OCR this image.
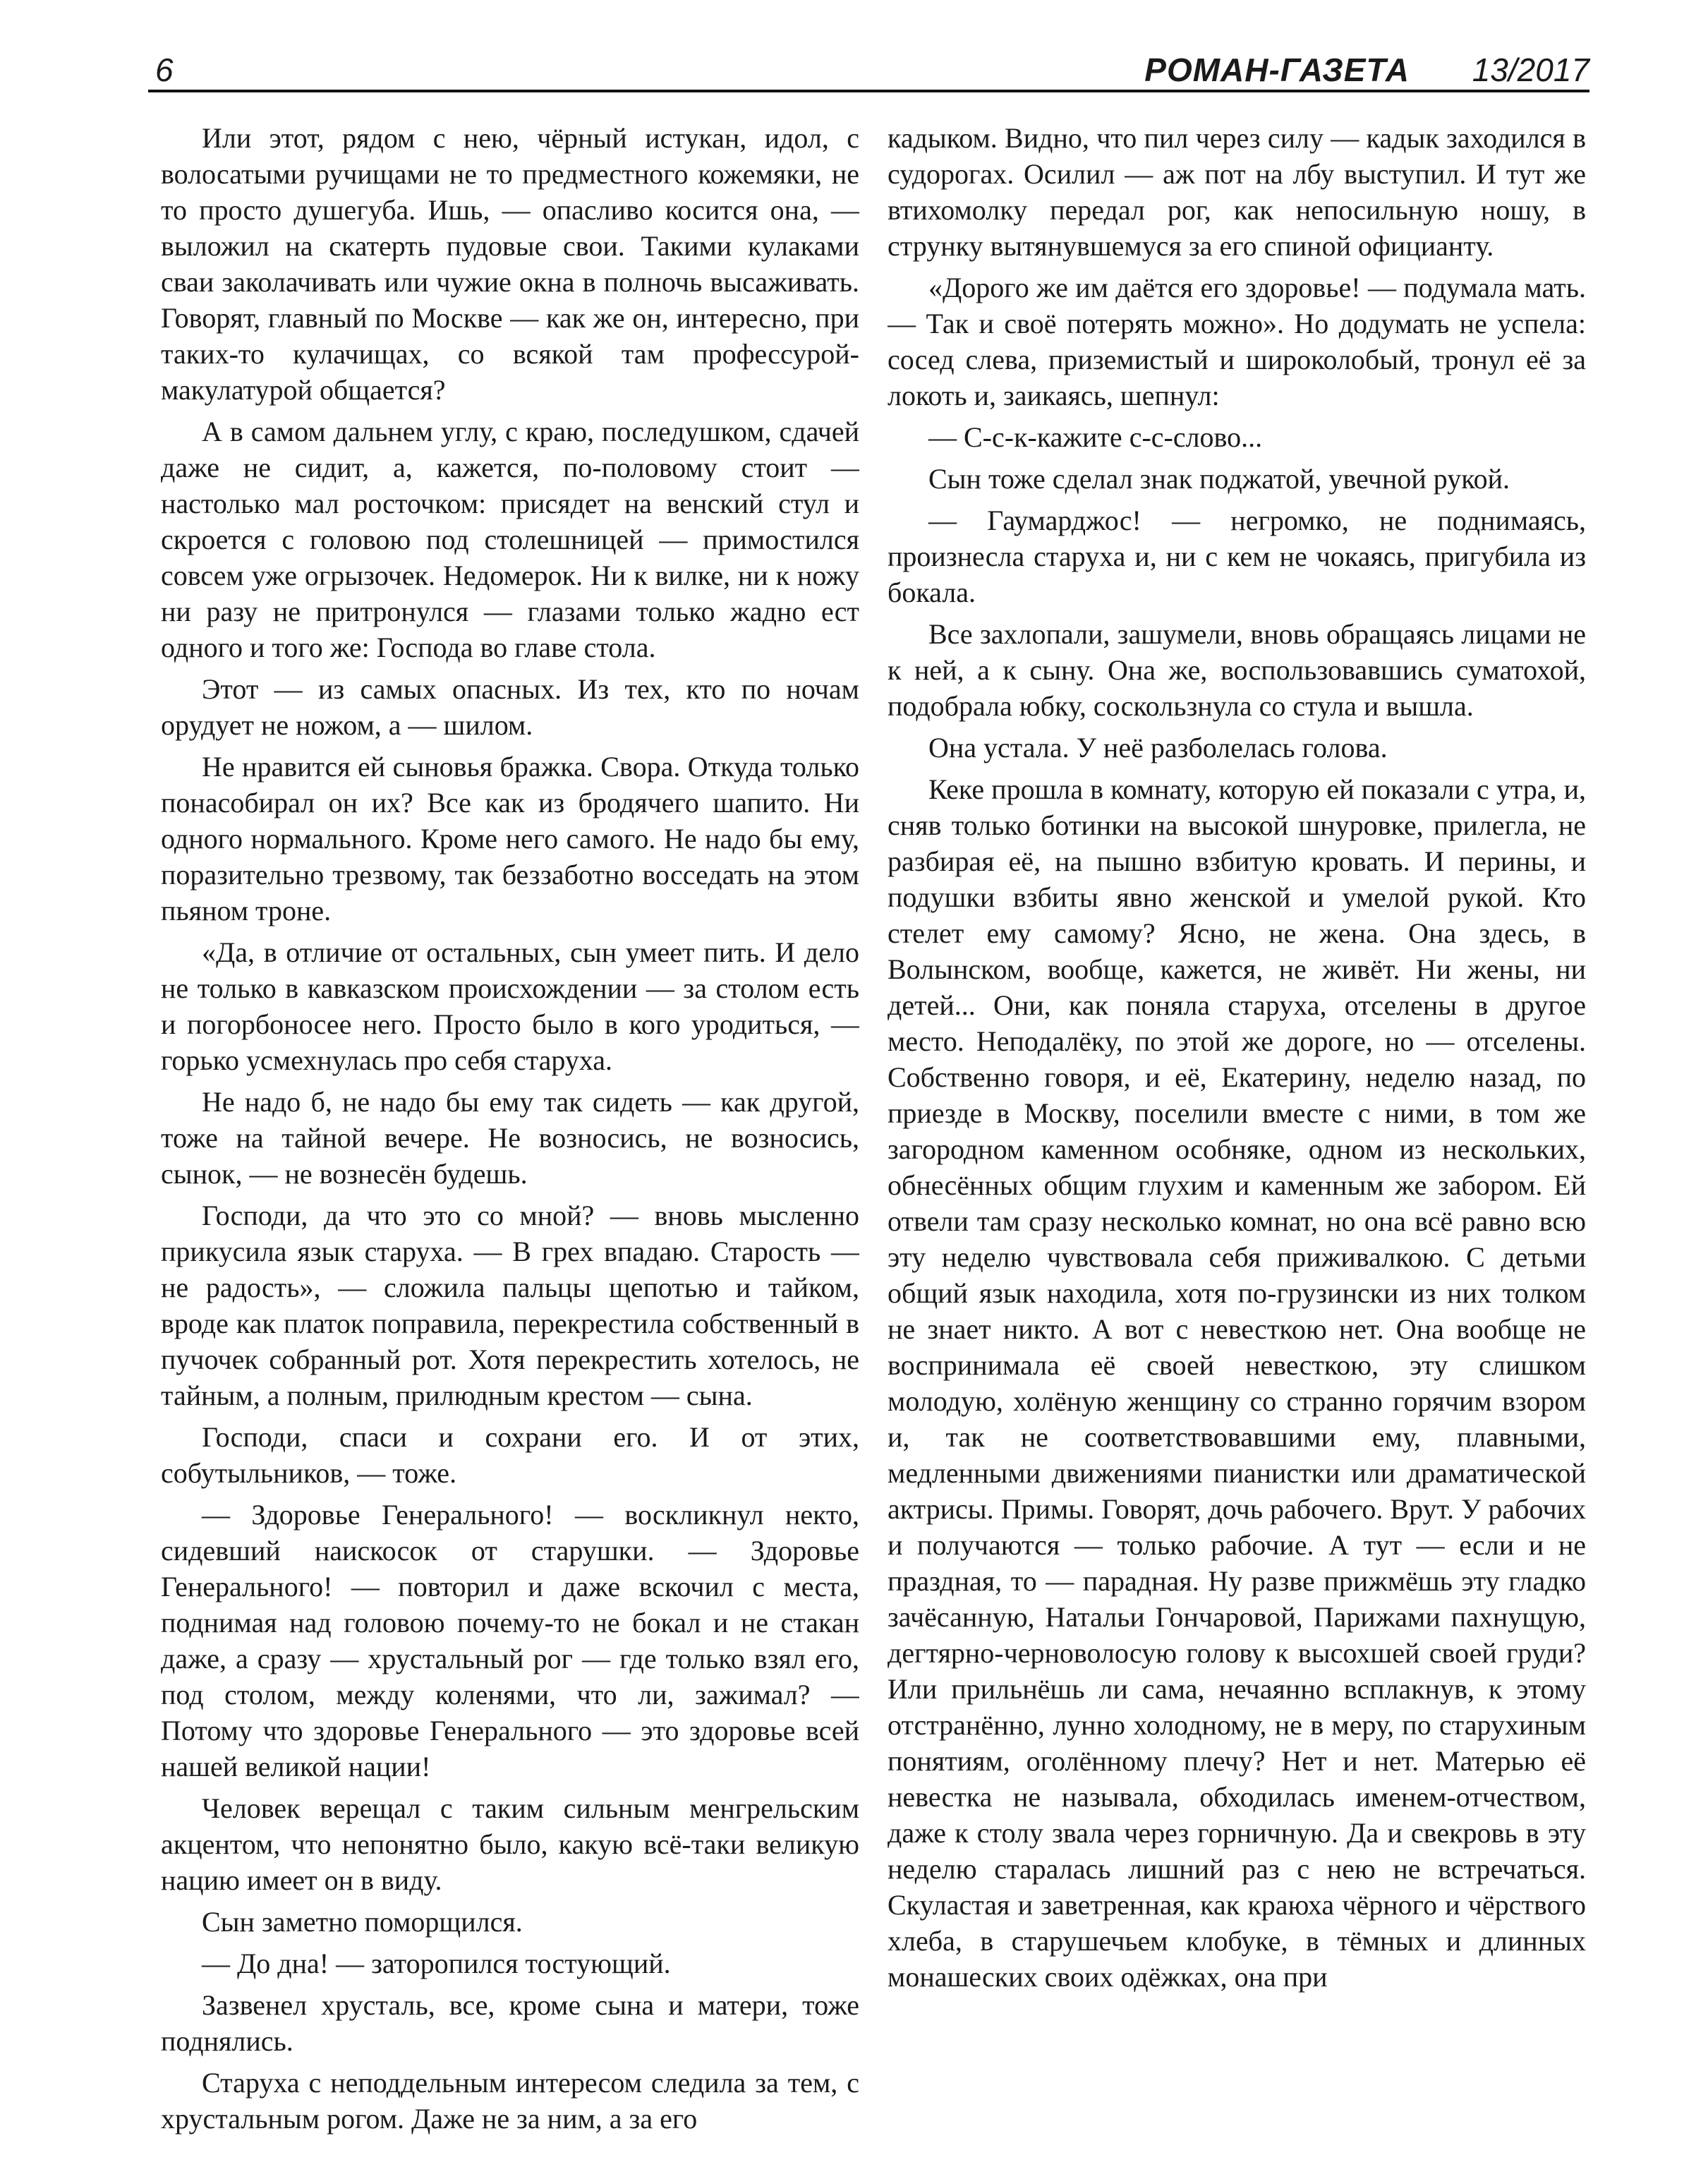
6	РОМАН-ГАЗЕТА 13/2017

Или этот, рядом с нею, чёрный истукан, идол, с волосатыми ручищами не то предместного кожемяки, не то просто душегуба. Ишь, — опасливо косится она, — выложил на скатерть пудовые свои. Такими кулаками сваи заколачивать или чужие окна в полночь высаживать. Говорят, главный по Москве — как же он, интересно, при таких-то кулачищах, со всякой там профессурой-макулатурой общается?

А в самом дальнем углу, с краю, последушком, сдачей даже не сидит, а, кажется, по-половому стоит — настолько мал росточком: присядет на венский стул и скроется с головою под столешницей — примостился совсем уже огрызочек. Недомерок. Ни к вилке, ни к ножу ни разу не притронулся — глазами только жадно ест одного и того же: Господа во главе стола.

Этот — из самых опасных. Из тех, кто по ночам орудует не ножом, а — шилом.

Не нравится ей сыновья бражка. Свора. Откуда только понасобирал он их? Все как из бродячего шапито. Ни одного нормального. Кроме него самого. Не надо бы ему, поразительно трезвому, так беззаботно восседать на этом пьяном троне.

«Да, в отличие от остальных, сын умеет пить. И дело не только в кавказском происхождении — за столом есть и погорбоносее него. Просто было в кого уродиться, — горько усмехнулась про себя старуха.

Не надо б, не надо бы ему так сидеть — как другой, тоже на тайной вечере. Не возносись, не возносись, сынок, — не вознесён будешь.

Господи, да что это со мной? — вновь мысленно прикусила язык старуха. — В грех впадаю. Старость — не радость», — сложила пальцы щепотью и тайком, вроде как платок поправила, перекрестила собственный в пучочек собранный рот. Хотя перекрестить хотелось, не тайным, а полным, прилюдным крестом — сына.

Господи, спаси и сохрани его. И от этих, собутыльников, — тоже.

— Здоровье Генерального! — воскликнул некто, сидевший наискосок от старушки. — Здоровье Генерального! — повторил и даже вскочил с места, поднимая над головою почему-то не бокал и не стакан даже, а сразу — хрустальный рог — где только взял его, под столом, между коленями, что ли, зажимал? — Потому что здоровье Генерального — это здоровье всей нашей великой нации!

Человек верещал с таким сильным менгрельским акцентом, что непонятно было, какую всё-таки великую нацию имеет он в виду.

Сын заметно поморщился.

— До дна! — заторопился тостующий.

Зазвенел хрусталь, все, кроме сына и матери, тоже поднялись.

Старуха с неподдельным интересом следила за тем, с хрустальным рогом. Даже не за ним, а за его

кадыком. Видно, что пил через силу — кадык заходился в судорогах. Осилил — аж пот на лбу выступил. И тут же втихомолку передал рог, как непосильную ношу, в струнку вытянувшемуся за его спиной официанту.

«Дорого же им даётся его здоровье! — подумала мать. — Так и своё потерять можно». Но додумать не успела: сосед слева, приземистый и широколобый, тронул её за локоть и, заикаясь, шепнул:

— С-с-к-кажите с-с-слово...

Сын тоже сделал знак поджатой, увечной рукой.

— Гаумарджос! — негромко, не поднимаясь, произнесла старуха и, ни с кем не чокаясь, пригубила из бокала.

Все захлопали, зашумели, вновь обращаясь лицами не к ней, а к сыну. Она же, воспользовавшись суматохой, подобрала юбку, соскользнула со стула и вышла.

Она устала. У неё разболелась голова.

Кеке прошла в комнату, которую ей показали с утра, и, сняв только ботинки на высокой шнуровке, прилегла, не разбирая её, на пышно взбитую кровать. И перины, и подушки взбиты явно женской и умелой рукой. Кто стелет ему самому? Ясно, не жена. Она здесь, в Волынском, вообще, кажется, не живёт. Ни жены, ни детей... Они, как поняла старуха, отселены в другое место. Неподалёку, по этой же дороге, но — отселены. Собственно говоря, и её, Екатерину, неделю назад, по приезде в Москву, поселили вместе с ними, в том же загородном каменном особняке, одном из нескольких, обнесённых общим глухим и каменным же забором. Ей отвели там сразу несколько комнат, но она всё равно всю эту неделю чувствовала себя приживалкою. С детьми общий язык находила, хотя по-грузински из них толком не знает никто. А вот с невесткою нет. Она вообще не воспринимала её своей невесткою, эту слишком молодую, холёную женщину со странно горячим взором и, так не соответствовавшими ему, плавными, медленными движениями пианистки или драматической актрисы. Примы. Говорят, дочь рабочего. Врут. У рабочих и получаются — только рабочие. А тут — если и не праздная, то — парадная. Ну разве прижмёшь эту гладко зачёсанную, Натальи Гончаровой, Парижами пахнущую, дегтярно-черноволосую голову к высохшей своей груди? Или прильнёшь ли сама, нечаянно всплакнув, к этому отстранённо, лунно холодному, не в меру, по старухиным понятиям, оголённому плечу? Нет и нет. Матерью её невестка не называла, обходилась именем-отчеством, даже к столу звала через горничную. Да и свекровь в эту неделю старалась лишний раз с нею не встречаться. Скуластая и заветренная, как краюха чёрного и чёрствого хлеба, в старушечьем клобуке, в тёмных и длинных монашеских своих одёжках, она при
